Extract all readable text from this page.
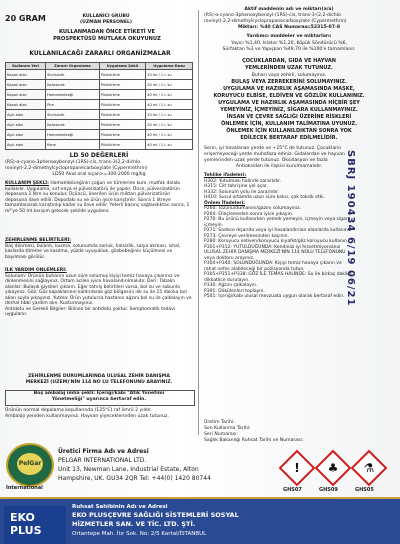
20 GRAM	KULLANICI GRUBU
(UZMAN PERSONEL)
KULLANMADAN ÖNCE ETİKETİ VE
PROSPEKTÜSÜ MUTLAKA OKUYUNUZ
KULLANILACAĞI ZARARLI ORGANİZMALAR
Kullanım Yeri	Zararlı Organizma	Uygulama Şekli	Uygulama Dozu
Kapalı alan	Sivrisinek	Püskürtme	20 ml / 1 L su
Kapalı alan	Karasinek	Püskürtme	20 ml / 1 L su
Kapalı alan	Hamamböceği	Püskürtme	40 ml / 1 L su
Kapalı alan	Pire	Püskürtme	40 ml / 1 L su
Açık alan	Sivrisinek	Püskürtme	20 ml / 1 L su
Açık alan	Karasinek	Püskürtme	20 ml / 1 L su
Açık alan	Hamamböceği	Püskürtme	40 ml / 1 L su
Açık alan	Kene	Püskürtme	40 ml / 1 L su
LD 50 DEĞERLERİ
(RS)-α-cyano-3phenoxybenzyl-(1RS)-cis, trans-3(2,2-dichlo
rovinyl)-2,2-dimethylcyclopropanecarboxylate (Cypermethrin)
LD50 Akut oral sıçan>=300-2000 mg/kg

KULLANIM ŞEKLİ: Hamamböceğinin çoğun ve tümlerine kum, mutfak dolabı kullanılır. Uygulama, sırt veya el pülverizatörü ile yapılır. Önce, pülverizatörün deposuna 1 litre su konulur. Üçüncü, önerilen ürün miktarı pülverizatörün deposuna ilave edilir. Depodaki su ve ürün iyice karıştırılır. Sonra 1 litreye tamamlanarak karıştırılıp kadar su ilave edilir. Yeterli basınç sağlandıktan sonra, 1 m²'ye 50 ml karışım gelecek şekilde uygulanır.

ZEHİRLENME BELİRTİLERİ:

Baş dönmesi, bulantı, kusma, solunumda zorluk, halsizlik, salya akması, ishal, kaslarda titreme ve kasılma, yüzde uyuşukluk, gözbebeğinin küçülmesi ve bayılması görülür.

İLK YARDIM ONLEMLERİ:

Solunum: Ürünün buharını uzun süre solumuş kişiyi temiz havaya çıkarınız ve dinlenmesini sağlayınız. Ortam acilen iyice havalandırılmalıdır. Deri: Tabaklı alanlar: Bulaşık giysileri çıkarın. Eğer tahriş belirtileri varsa, bol su ve sabunla yıkayınız. Göz: Göz kapaklarının kaldırılarak göz bölgesini ılık su ile 15 dakika bol akan suyla yıkayınız. Yutma: Ürün yutulursa hastanın ağzını bol su ile çalkalayın ve derhal tıbbi yardım alın. Kusturmayınız.

Antidotu ve Gerekli Bilgiler: Bilinen bir antidotu yoktur. Semptomatik tedavi uygulanır.

ZEHİRLENME DURUMLARINDA ULUSAL ZEHİR DANIŞMA
MERKEZİ (UZEM)'NİN 114 NO LU TELEFONUNU ARAYINIZ.
Boş ambalaj imha şekli: İçeriği/kabı "Atık Yönetimi
Yönetmeliği" uyarınca bertaraf edin.
Ürünün normal depolama koşullarında (125°C) raf ömrü 2 yıldır.
Ambalajı yeniden kullanmayınız. Hayvan yiyeceklerinden uzak tutunuz.
Aktif maddenin adı ve miktarı(a/a)
(RS)-α-cyano-3phenoxybenzyl-(1RS)-cis, trans-3-(2,2-dichlo
rovinyl)-2,2-dimethylcyclopropanecarboxylate (Cypermethrin)
Miktarı: %40 CAS Numarası:52315-07-8
Yardımcı maddeler ve miktarları:
Yayıcı %1,40, Islatıcı %1,20, Köpük Söndürücü %6,
Sürfaktan %3 ve Yapışkan %49,70 ile %100'e tamamlanır.
ÇOCUKLARDAN, GIDA VE HAYVAN
YEMLERİNDEN UZAK TUTUNUZ.
Buharı vaya zehirli, solumayınız.
BULAŞ VEYA ZERREKERİNİ SOLUMAYINIZ.
UYGULAMA VE HAZIRLIK AŞAMASINDA MASKE,
KORUYUCU ELBİSE, ELDİVEN VE GÖZLÜK KULLANINIZ.
UYGULAMA VE HAZIRLIK AŞAMASINDA HİÇBİR ŞEY
YEMEYİNİZ, İÇMEYİNİZ, SİGARA KULLANMAYINIZ.
İNSAN VE ÇEVRE SAĞLIĞI ÜZERİNE RİSKLERİ
ÖNLEMEK İÇİN, KULLANIM TALİMATINA UYUNUZ.
ÖNLEMEK İÇİN KULLANILDIKTAN SONRA YOK
EDİLECEK BERTARAF EDİLMELİDİR.
Serin, iyi havalanan yerde ve +25°C de tutunuz. Çocukların
erişemeyeceği yerde muhafaza ediniz. Gıdalardan ve hayvan
yemlerinden uzak yerde tutunuz. Oksidasyon ve fazla
Antioksidan ile ilişkisi kurulmamalıdır.

Tehlike ifadeleri:

H302: Yutulması halinde zararlıdır.

H315: Cilt tahrişine yol açar.

H332: Solunum yolu ile zararlıdır.

H410: Sucul ortamda uzun süre kalıcı, çok toksik etki.

Önlem İfadeleri:

P260: Tozunu/dumanını/gazını solumayınız.

P264: Elleçlemeden sonra iyice yıkayın.

P270: Bu ürünü kullanırken yemek yemeyin, içmeyin veya sigara içmeyin.

P271: Sadece dışarıda veya iyi havalandırılan alanlarda kullanın.

P273: Çevreye verilmesinden kaçının.

P280: Koruyucu eldiven/koruyucu kıyafet/göz koruyucu kullanın.

P301+P312: YUTULDUĞUNDA: Kendinizi iyi hissetmiyorsanız ULUSAL ZEHİR DANIŞMA MERKEZİ'NİN 114 NOLU TELEFONUNU veya doktoru arayınız.

P304+P340: SOLUNDUĞUNDA: Kişiyi temiz havaya çıkarın ve rahat nefes alabileceği bir pozisyonda tutun.

P305+P351+P338: GÖZ İLE TEMAS HALİNDE: Su ile birkaç dakika dikkatlice durulayın.

P330: Ağzını çalkalayın.

P391: Dökülenleri toplayın.

P501: İçeriği/kabı ulusal mevzuata uygun olarak bertaraf edin.

Üretim Tarihi:
Son Kullanma Tarihi:
Seri Numarası:
Sağlık Bakanlığı Ruhsat Tarihi ve Numarası:
SBRJ 190434 6/19 06/21
!	♣	⚗
GHS07	GHS09	GHS05
PelGar
International
Üretici Firma Adı ve Adresi
PELGAR INTERNATIONAL LTD.
Unit 13, Newman Lane, Industrial Estate, Alton
Hampshire, UK. GU34 2QR Tel: +44(0) 1420 80744
EKO
PLUS
Ruhsat Sahibinin Adı ve Adresi
EKO PLUSÇEVRE SAĞLIĞI SİSTEMLERİ SOSYAL
HİZMETLER SAN. VE TİC. LTD. ŞTİ.
Ortantepe Mah. İtır Sok. No: 2/5 Kartal/İSTANBUL
